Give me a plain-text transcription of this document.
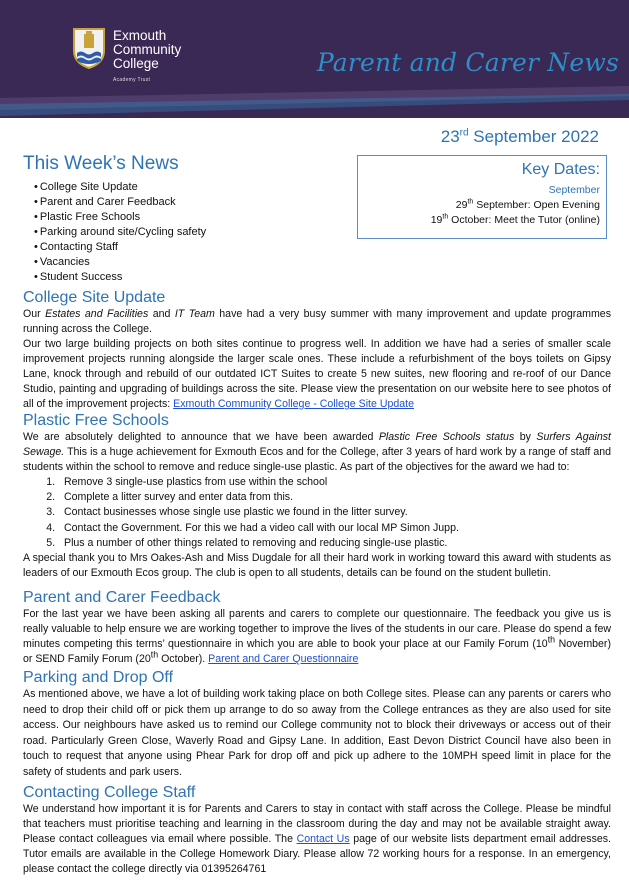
Exmouth
Community
College
Academy Trust
Parent and Carer News
23rd September 2022
This Week’s News
• College Site Update
• Parent and Carer Feedback
• Plastic Free Schools
• Parking around site/Cycling safety
• Contacting Staff
• Vacancies
• Student Success
Key Dates:
September
29th September: Open Evening
19th October: Meet the Tutor (online)
College Site Update

Our Estates and Facilities and IT Team have had a very busy summer with many improvement and update programmes running across the College.

Our two large building projects on both sites continue to progress well. In addition we have had a series of smaller scale improvement projects running alongside the larger scale ones. These include a refurbishment of the boys toilets on Gipsy Lane, knock through and rebuild of our outdated ICT Suites to create 5 new suites, new flooring and re-roof of our Dance Studio, painting and upgrading of buildings across the site. Please view the presentation on our website here to see photos of all of the improvement projects: Exmouth Community College - College Site Update

Plastic Free Schools

We are absolutely delighted to announce that we have been awarded Plastic Free Schools status by Surfers Against Sewage. This is a huge achievement for Exmouth Ecos and for the College, after 3 years of hard work by a range of staff and students within the school to remove and reduce single-use plastic. As part of the objectives for the award we had to:

1. Remove 3 single-use plastics from use within the school
2. Complete a litter survey and enter data from this.
3. Contact businesses whose single use plastic we found in the litter survey.
4. Contact the Government. For this we had a video call with our local MP Simon Jupp.
5. Plus a number of other things related to removing and reducing single-use plastic.

A special thank you to Mrs Oakes-Ash and Miss Dugdale for all their hard work in working toward this award with students as leaders of our Exmouth Ecos group. The club is open to all students, details can be found on the student bulletin.

Parent and Carer Feedback

For the last year we have been asking all parents and carers to complete our questionnaire. The feedback you give us is really valuable to help ensure we are working together to improve the lives of the students in our care. Please do spend a few minutes competing this terms’ questionnaire in which you are able to book your place at our Family Forum (10th November) or SEND Family Forum (20th October). Parent and Carer Questionnaire

Parking and Drop Off

As mentioned above, we have a lot of building work taking place on both College sites. Please can any parents or carers who need to drop their child off or pick them up arrange to do so away from the College entrances as they are also used for site access. Our neighbours have asked us to remind our College community not to block their driveways or access out of their road. Particularly Green Close, Waverly Road and Gipsy Lane. In addition, East Devon District Council have also been in touch to request that anyone using Phear Park for drop off and pick up adhere to the 10MPH speed limit in place for the safety of students and park users.

Contacting College Staff

We understand how important it is for Parents and Carers to stay in contact with staff across the College. Please be mindful that teachers must prioritise teaching and learning in the classroom during the day and may not be available straight away. Please contact colleagues via email where possible. The Contact Us page of our website lists department email addresses. Tutor emails are available in the College Homework Diary. Please allow 72 working hours for a response. In an emergency, please contact the college directly via 01395264761
